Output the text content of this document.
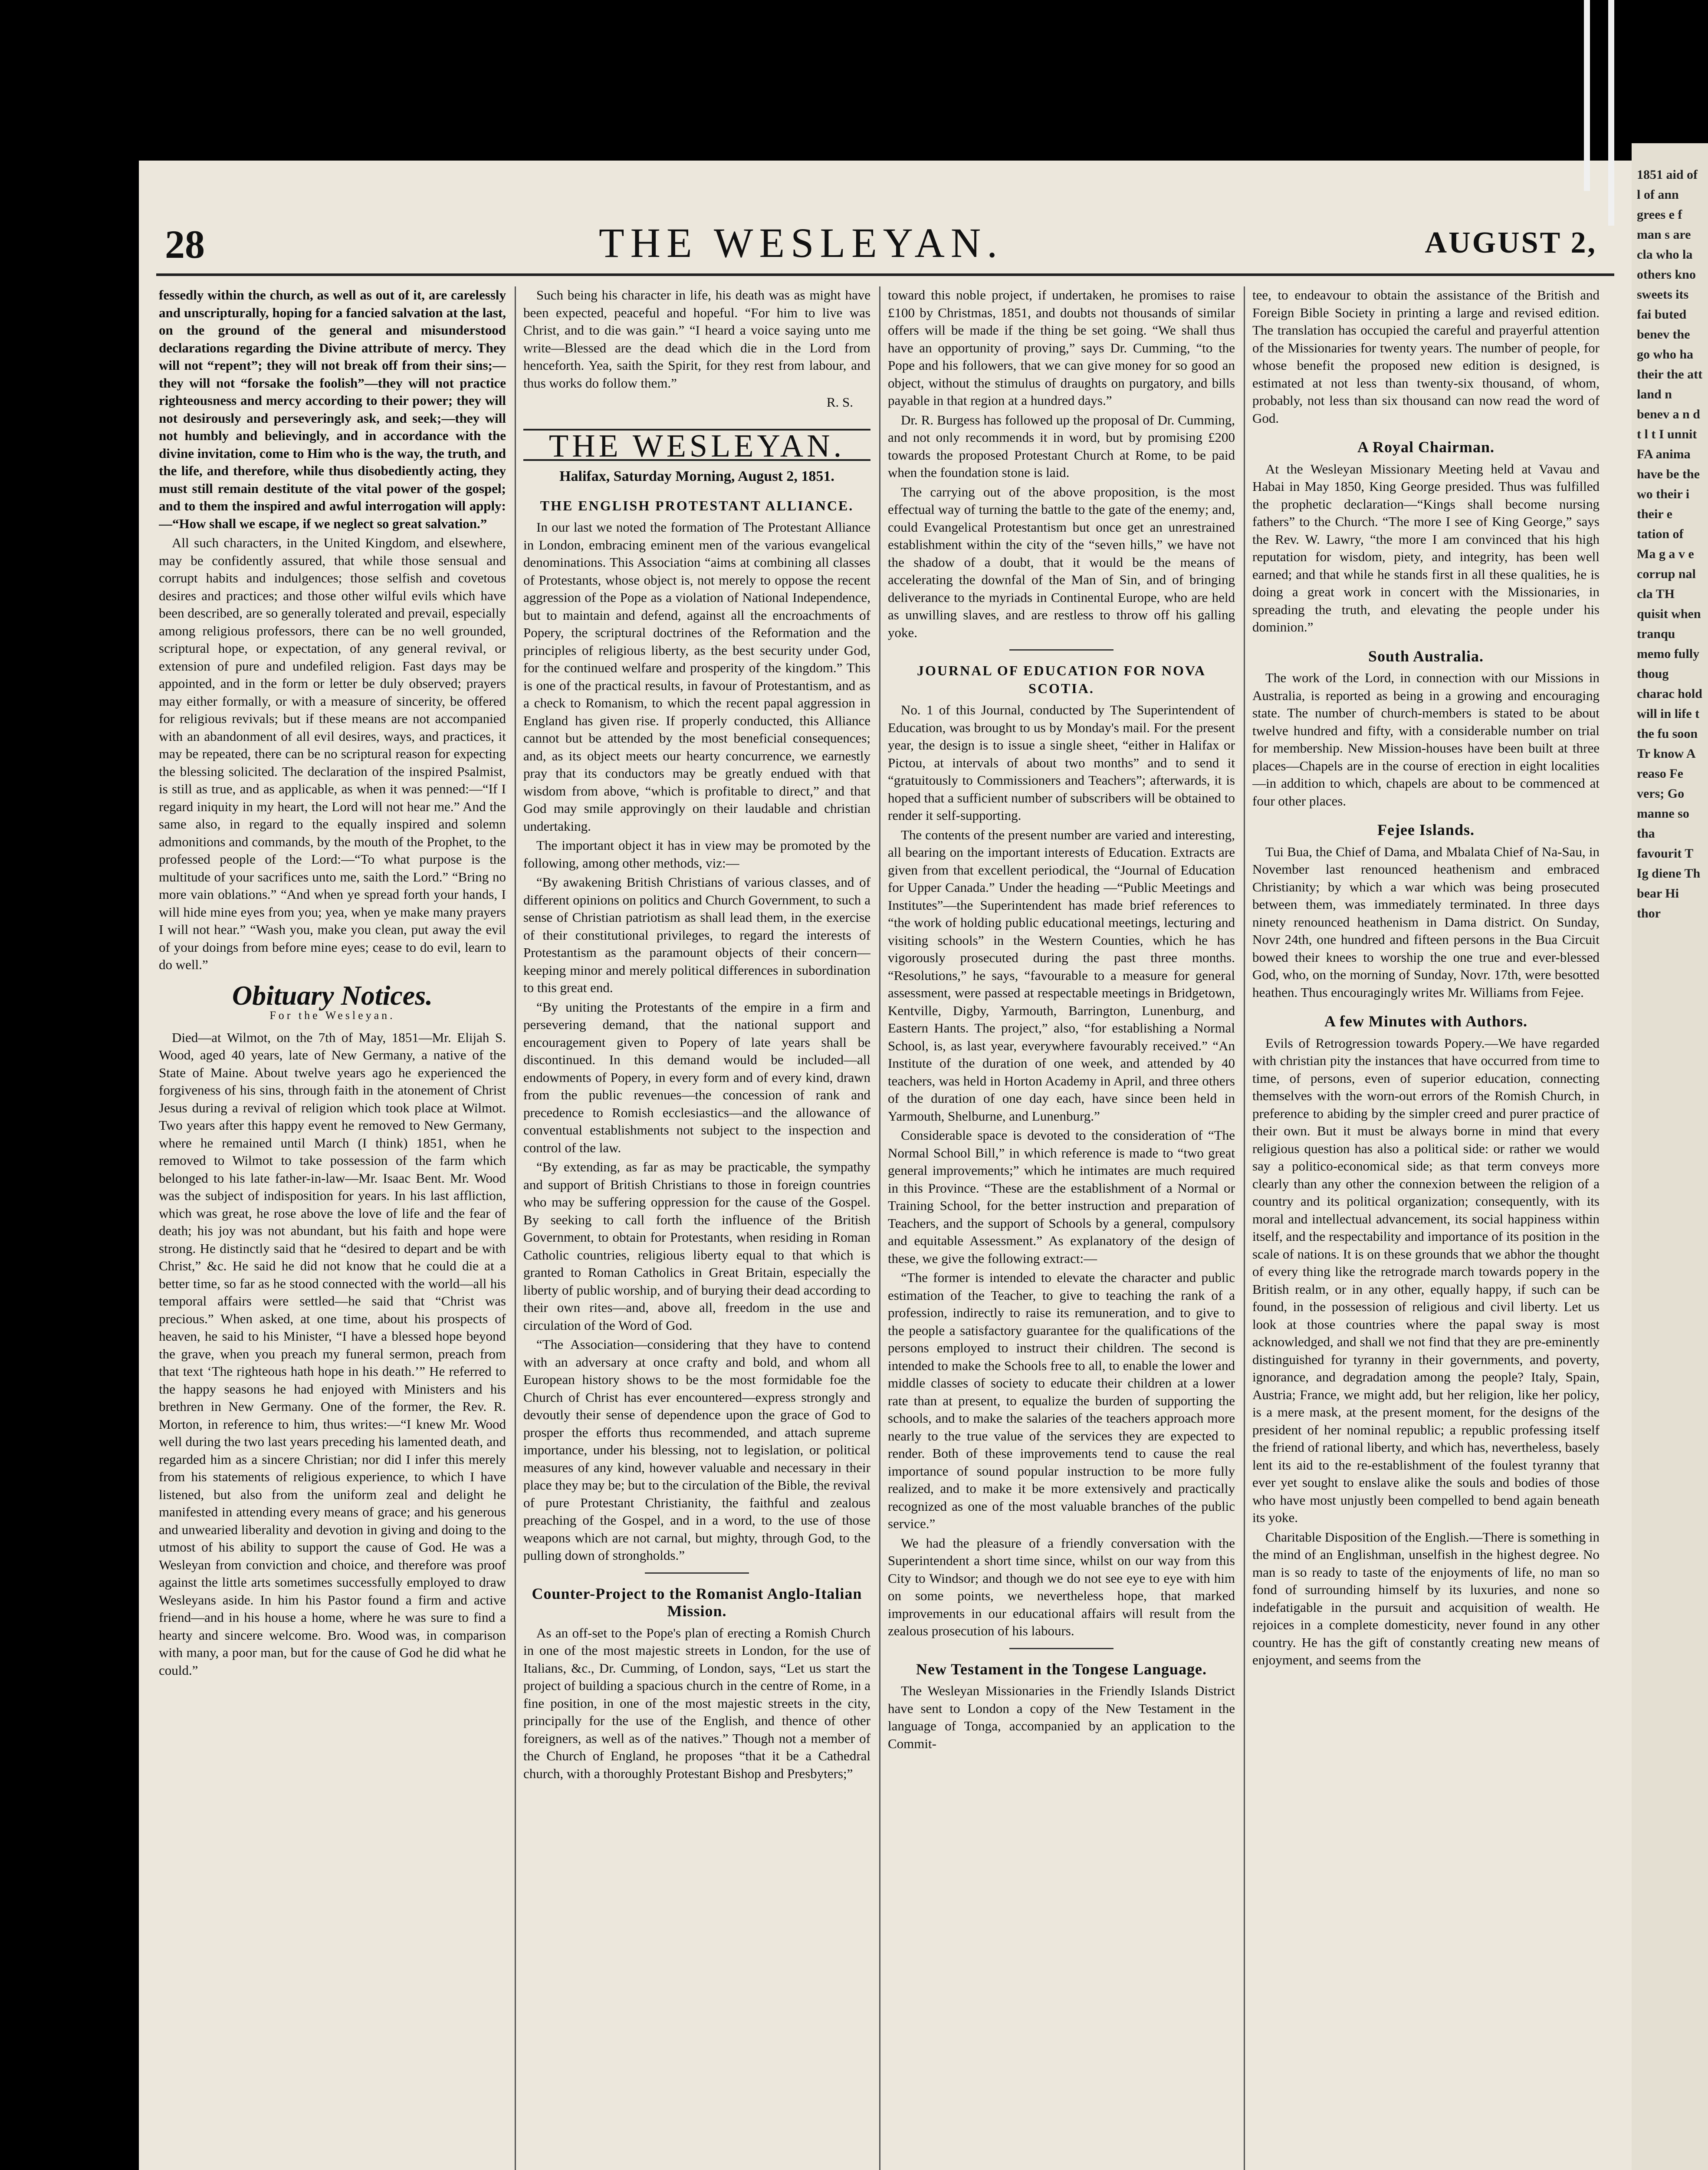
28	THE WESLEYAN.	AUGUST 2,

fessedly within the church, as well as out of it, are carelessly and unscripturally, hoping for a fancied salvation at the last, on the ground of the general and misunderstood declarations regarding the Divine attribute of mercy. They will not “repent”; they will not break off from their sins;—they will not “forsake the foolish”—they will not practice righteousness and mercy according to their power; they will not desirously and perseveringly ask, and seek;—they will not humbly and believingly, and in accordance with the divine invitation, come to Him who is the way, the truth, and the life, and therefore, while thus disobediently acting, they must still remain destitute of the vital power of the gospel; and to them the inspired and awful interrogation will apply:—“How shall we escape, if we neglect so great salvation.”

All such characters, in the United Kingdom, and elsewhere, may be confidently assured, that while those sensual and corrupt habits and indulgences; those selfish and covetous desires and practices; and those other wilful evils which have been described, are so generally tolerated and prevail, especially among religious professors, there can be no well grounded, scriptural hope, or expectation, of any general revival, or extension of pure and undefiled religion. Fast days may be appointed, and in the form or letter be duly observed; prayers may either formally, or with a measure of sincerity, be offered for religious revivals; but if these means are not accompanied with an abandonment of all evil desires, ways, and practices, it may be repeated, there can be no scriptural reason for expecting the blessing solicited. The declaration of the inspired Psalmist, is still as true, and as applicable, as when it was penned:—“If I regard iniquity in my heart, the Lord will not hear me.” And the same also, in regard to the equally inspired and solemn admonitions and commands, by the mouth of the Prophet, to the professed people of the Lord:—“To what purpose is the multitude of your sacrifices unto me, saith the Lord.” “Bring no more vain oblations.” “And when ye spread forth your hands, I will hide mine eyes from you; yea, when ye make many prayers I will not hear.” “Wash you, make you clean, put away the evil of your doings from before mine eyes; cease to do evil, learn to do well.”

Obituary Notices.
For the Wesleyan.

Died—at Wilmot, on the 7th of May, 1851—Mr. Elijah S. Wood, aged 40 years, late of New Germany, a native of the State of Maine. About twelve years ago he experienced the forgiveness of his sins, through faith in the atonement of Christ Jesus during a revival of religion which took place at Wilmot. Two years after this happy event he removed to New Germany, where he remained until March (I think) 1851, when he removed to Wilmot to take possession of the farm which belonged to his late father-in-law—Mr. Isaac Bent. Mr. Wood was the subject of indisposition for years. In his last affliction, which was great, he rose above the love of life and the fear of death; his joy was not abundant, but his faith and hope were strong. He distinctly said that he “desired to depart and be with Christ,” &c. He said he did not know that he could die at a better time, so far as he stood connected with the world—all his temporal affairs were settled—he said that “Christ was precious.” When asked, at one time, about his prospects of heaven, he said to his Minister, “I have a blessed hope beyond the grave, when you preach my funeral sermon, preach from that text ‘The righteous hath hope in his death.’” He referred to the happy seasons he had enjoyed with Ministers and his brethren in New Germany. One of the former, the Rev. R. Morton, in reference to him, thus writes:—“I knew Mr. Wood well during the two last years preceding his lamented death, and regarded him as a sincere Christian; nor did I infer this merely from his statements of religious experience, to which I have listened, but also from the uniform zeal and delight he manifested in attending every means of grace; and his generous and unwearied liberality and devotion in giving and doing to the utmost of his ability to support the cause of God. He was a Wesleyan from conviction and choice, and therefore was proof against the little arts sometimes successfully employed to draw Wesleyans aside. In him his Pastor found a firm and active friend—and in his house a home, where he was sure to find a hearty and sincere welcome. Bro. Wood was, in comparison with many, a poor man, but for the cause of God he did what he could.”

Such being his character in life, his death was as might have been expected, peaceful and hopeful. “For him to live was Christ, and to die was gain.” “I heard a voice saying unto me write—Blessed are the dead which die in the Lord from henceforth. Yea, saith the Spirit, for they rest from labour, and thus works do follow them.”

R. S.
THE WESLEYAN.
Halifax, Saturday Morning, August 2, 1851.
THE ENGLISH PROTESTANT ALLIANCE.

In our last we noted the formation of The Protestant Alliance in London, embracing eminent men of the various evangelical denominations. This Association “aims at combining all classes of Protestants, whose object is, not merely to oppose the recent aggression of the Pope as a violation of National Independence, but to maintain and defend, against all the encroachments of Popery, the scriptural doctrines of the Reformation and the principles of religious liberty, as the best security under God, for the continued welfare and prosperity of the kingdom.” This is one of the practical results, in favour of Protestantism, and as a check to Romanism, to which the recent papal aggression in England has given rise. If properly conducted, this Alliance cannot but be attended by the most beneficial consequences; and, as its object meets our hearty concurrence, we earnestly pray that its conductors may be greatly endued with that wisdom from above, “which is profitable to direct,” and that God may smile approvingly on their laudable and christian undertaking.

The important object it has in view may be promoted by the following, among other methods, viz:—

“By awakening British Christians of various classes, and of different opinions on politics and Church Government, to such a sense of Christian patriotism as shall lead them, in the exercise of their constitutional privileges, to regard the interests of Protestantism as the paramount objects of their concern—keeping minor and merely political differences in subordination to this great end.

“By uniting the Protestants of the empire in a firm and persevering demand, that the national support and encouragement given to Popery of late years shall be discontinued. In this demand would be included—all endowments of Popery, in every form and of every kind, drawn from the public revenues—the concession of rank and precedence to Romish ecclesiastics—and the allowance of conventual establishments not subject to the inspection and control of the law.

“By extending, as far as may be practicable, the sympathy and support of British Christians to those in foreign countries who may be suffering oppression for the cause of the Gospel. By seeking to call forth the influence of the British Government, to obtain for Protestants, when residing in Roman Catholic countries, religious liberty equal to that which is granted to Roman Catholics in Great Britain, especially the liberty of public worship, and of burying their dead according to their own rites—and, above all, freedom in the use and circulation of the Word of God.

“The Association—considering that they have to contend with an adversary at once crafty and bold, and whom all European history shows to be the most formidable foe the Church of Christ has ever encountered—express strongly and devoutly their sense of dependence upon the grace of God to prosper the efforts thus recommended, and attach supreme importance, under his blessing, not to legislation, or political measures of any kind, however valuable and necessary in their place they may be; but to the circulation of the Bible, the revival of pure Protestant Christianity, the faithful and zealous preaching of the Gospel, and in a word, to the use of those weapons which are not carnal, but mighty, through God, to the pulling down of strongholds.”

Counter-Project to the Romanist Anglo-Italian Mission.

As an off-set to the Pope's plan of erecting a Romish Church in one of the most majestic streets in London, for the use of Italians, &c., Dr. Cumming, of London, says, “Let us start the project of building a spacious church in the centre of Rome, in a fine position, in one of the most majestic streets in the city, principally for the use of the English, and thence of other foreigners, as well as of the natives.” Though not a member of the Church of England, he proposes “that it be a Cathedral church, with a thoroughly Protestant Bishop and Presbyters;”

toward this noble project, if undertaken, he promises to raise £100 by Christmas, 1851, and doubts not thousands of similar offers will be made if the thing be set going. “We shall thus have an opportunity of proving,” says Dr. Cumming, “to the Pope and his followers, that we can give money for so good an object, without the stimulus of draughts on purgatory, and bills payable in that region at a hundred days.”

Dr. R. Burgess has followed up the proposal of Dr. Cumming, and not only recommends it in word, but by promising £200 towards the proposed Protestant Church at Rome, to be paid when the foundation stone is laid.

The carrying out of the above proposition, is the most effectual way of turning the battle to the gate of the enemy; and, could Evangelical Protestantism but once get an unrestrained establishment within the city of the “seven hills,” we have not the shadow of a doubt, that it would be the means of accelerating the downfal of the Man of Sin, and of bringing deliverance to the myriads in Continental Europe, who are held as unwilling slaves, and are restless to throw off his galling yoke.

JOURNAL OF EDUCATION FOR NOVA SCOTIA.

No. 1 of this Journal, conducted by The Superintendent of Education, was brought to us by Monday's mail. For the present year, the design is to issue a single sheet, “either in Halifax or Pictou, at intervals of about two months” and to send it “gratuitously to Commissioners and Teachers”; afterwards, it is hoped that a sufficient number of subscribers will be obtained to render it self-supporting.

The contents of the present number are varied and interesting, all bearing on the important interests of Education. Extracts are given from that excellent periodical, the “Journal of Education for Upper Canada.” Under the heading —“Public Meetings and Institutes”—the Superintendent has made brief references to “the work of holding public educational meetings, lecturing and visiting schools” in the Western Counties, which he has vigorously prosecuted during the past three months. “Resolutions,” he says, “favourable to a measure for general assessment, were passed at respectable meetings in Bridgetown, Kentville, Digby, Yarmouth, Barrington, Lunenburg, and Eastern Hants. The project,” also, “for establishing a Normal School, is, as last year, everywhere favourably received.” “An Institute of the duration of one week, and attended by 40 teachers, was held in Horton Academy in April, and three others of the duration of one day each, have since been held in Yarmouth, Shelburne, and Lunenburg.”

Considerable space is devoted to the consideration of “The Normal School Bill,” in which reference is made to “two great general improvements;” which he intimates are much required in this Province. “These are the establishment of a Normal or Training School, for the better instruction and preparation of Teachers, and the support of Schools by a general, compulsory and equitable Assessment.” As explanatory of the design of these, we give the following extract:—

“The former is intended to elevate the character and public estimation of the Teacher, to give to teaching the rank of a profession, indirectly to raise its remuneration, and to give to the people a satisfactory guarantee for the qualifications of the persons employed to instruct their children. The second is intended to make the Schools free to all, to enable the lower and middle classes of society to educate their children at a lower rate than at present, to equalize the burden of supporting the schools, and to make the salaries of the teachers approach more nearly to the true value of the services they are expected to render. Both of these improvements tend to cause the real importance of sound popular instruction to be more fully realized, and to make it be more extensively and practically recognized as one of the most valuable branches of the public service.”

We had the pleasure of a friendly conversation with the Superintendent a short time since, whilst on our way from this City to Windsor; and though we do not see eye to eye with him on some points, we nevertheless hope, that marked improvements in our educational affairs will result from the zealous prosecution of his labours.

New Testament in the Tongese Language.

The Wesleyan Missionaries in the Friendly Islands District have sent to London a copy of the New Testament in the language of Tonga, accompanied by an application to the Commit-

tee, to endeavour to obtain the assistance of the British and Foreign Bible Society in printing a large and revised edition. The translation has occupied the careful and prayerful attention of the Missionaries for twenty years. The number of people, for whose benefit the proposed new edition is designed, is estimated at not less than twenty-six thousand, of whom, probably, not less than six thousand can now read the word of God.

A Royal Chairman.

At the Wesleyan Missionary Meeting held at Vavau and Habai in May 1850, King George presided. Thus was fulfilled the prophetic declaration—“Kings shall become nursing fathers” to the Church. “The more I see of King George,” says the Rev. W. Lawry, “the more I am convinced that his high reputation for wisdom, piety, and integrity, has been well earned; and that while he stands first in all these qualities, he is doing a great work in concert with the Missionaries, in spreading the truth, and elevating the people under his dominion.”

South Australia.

The work of the Lord, in connection with our Missions in Australia, is reported as being in a growing and encouraging state. The number of church-members is stated to be about twelve hundred and fifty, with a considerable number on trial for membership. New Mission-houses have been built at three places—Chapels are in the course of erection in eight localities—in addition to which, chapels are about to be commenced at four other places.

Fejee Islands.

Tui Bua, the Chief of Dama, and Mbalata Chief of Na-Sau, in November last renounced heathenism and embraced Christianity; by which a war which was being prosecuted between them, was immediately terminated. In three days ninety renounced heathenism in Dama district. On Sunday, Novr 24th, one hundred and fifteen persons in the Bua Circuit bowed their knees to worship the one true and ever-blessed God, who, on the morning of Sunday, Novr. 17th, were besotted heathen. Thus encouragingly writes Mr. Williams from Fejee.

A few Minutes with Authors.

Evils of Retrogression towards Popery.—We have regarded with christian pity the instances that have occurred from time to time, of persons, even of superior education, connecting themselves with the worn-out errors of the Romish Church, in preference to abiding by the simpler creed and purer practice of their own. But it must be always borne in mind that every religious question has also a political side: or rather we would say a politico-economical side; as that term conveys more clearly than any other the connexion between the religion of a country and its political organization; consequently, with its moral and intellectual advancement, its social happiness within itself, and the respectability and importance of its position in the scale of nations. It is on these grounds that we abhor the thought of every thing like the retrograde march towards popery in the British realm, or in any other, equally happy, if such can be found, in the possession of religious and civil liberty. Let us look at those countries where the papal sway is most acknowledged, and shall we not find that they are pre-eminently distinguished for tyranny in their governments, and poverty, ignorance, and degradation among the people? Italy, Spain, Austria; France, we might add, but her religion, like her policy, is a mere mask, at the present moment, for the designs of the president of her nominal republic; a republic professing itself the friend of rational liberty, and which has, nevertheless, basely lent its aid to the re-establishment of the foulest tyranny that ever yet sought to enslave alike the souls and bodies of those who have most unjustly been compelled to bend again beneath its yoke.

Charitable Disposition of the English.—There is something in the mind of an Englishman, unselfish in the highest degree. No man is so ready to taste of the enjoyments of life, no man so fond of surrounding himself by its luxuries, and none so indefatigable in the pursuit and acquisition of wealth. He rejoices in a complete domesticity, never found in any other country. He has the gift of constantly creating new means of enjoyment, and seems from the

1851 aid of l of ann grees e f man s are cla who la others kno sweets its fai buted benev the go who ha their the att land n benev a n d t l t I unnit FA anima have be the wo their i their e tation of Ma g a v e corrup nal cla TH quisit when tranqu memo fully thoug charac hold will in life t the fu soon Tr know A reaso Fe vers; Go manne so tha favourit T Ig diene Th bear Hi thor
